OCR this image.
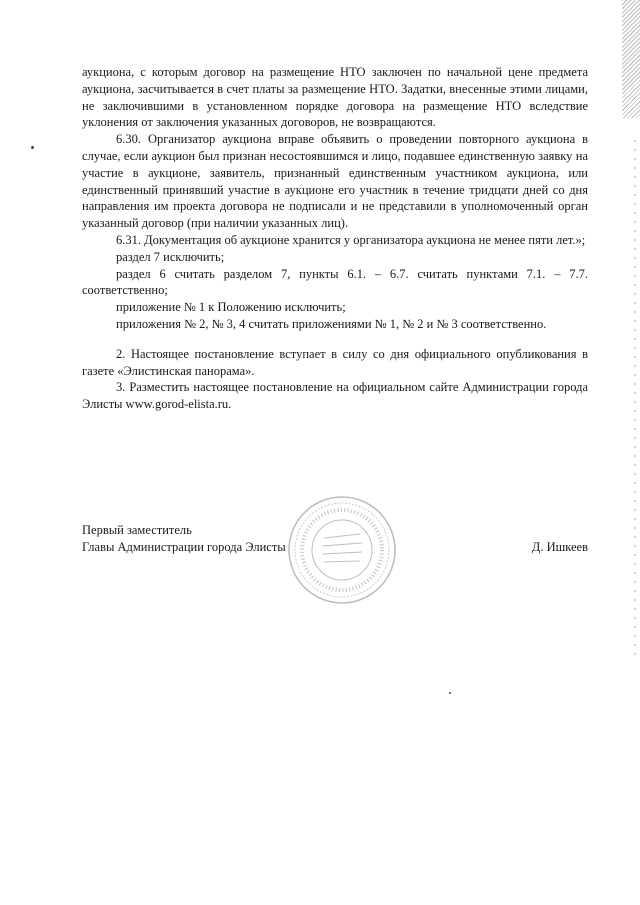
аукциона, с которым договор на размещение НТО заключен по начальной цене предмета аукциона, засчитывается в счет платы за размещение НТО. Задатки, внесенные этими лицами, не заключившими в установленном порядке договора на размещение НТО вследствие уклонения от заключения указанных договоров, не возвращаются.

6.30. Организатор аукциона вправе объявить о проведении повторного аукциона в случае, если аукцион был признан несостоявшимся и лицо, подавшее единственную заявку на участие в аукционе, заявитель, признанный единственным участником аукциона, или единственный принявший участие в аукционе его участник в течение тридцати дней со дня направления им проекта договора не подписали и не представили в уполномоченный орган указанный договор (при наличии указанных лиц).

6.31. Документация об аукционе хранится у организатора аукциона не менее пяти лет.»;

раздел 7 исключить;

раздел 6 считать разделом 7, пункты 6.1. – 6.7. считать пунктами 7.1. – 7.7. соответственно;

приложение № 1 к Положению исключить;

приложения № 2, № 3, 4 считать приложениями № 1, № 2 и № 3 соответственно.

2. Настоящее постановление вступает в силу со дня официального опубликования в газете «Элистинская панорама».

3. Разместить настоящее постановление на официальном сайте Администрации города Элисты www.gorod-elista.ru.

Первый заместитель
Главы Администрации города Элисты	Д. Ишкеев
